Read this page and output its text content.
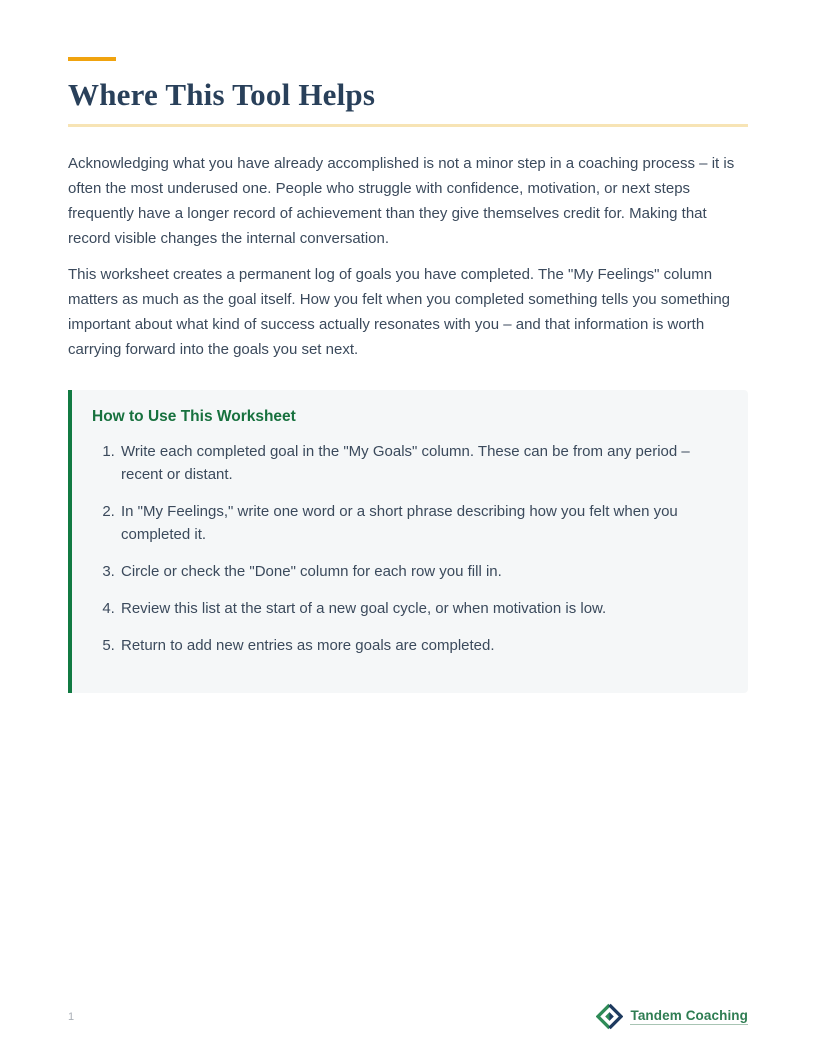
Where This Tool Helps

Acknowledging what you have already accomplished is not a minor step in a coaching process – it is often the most underused one. People who struggle with confidence, motivation, or next steps frequently have a longer record of achievement than they give themselves credit for. Making that record visible changes the internal conversation.

This worksheet creates a permanent log of goals you have completed. The "My Feelings" column matters as much as the goal itself. How you felt when you completed something tells you something important about what kind of success actually resonates with you – and that information is worth carrying forward into the goals you set next.

How to Use This Worksheet
1. Write each completed goal in the "My Goals" column. These can be from any period – recent or distant.
2. In "My Feelings," write one word or a short phrase describing how you felt when you completed it.
3. Circle or check the "Done" column for each row you fill in.
4. Review this list at the start of a new goal cycle, or when motivation is low.
5. Return to add new entries as more goals are completed.
1	Tandem Coaching
